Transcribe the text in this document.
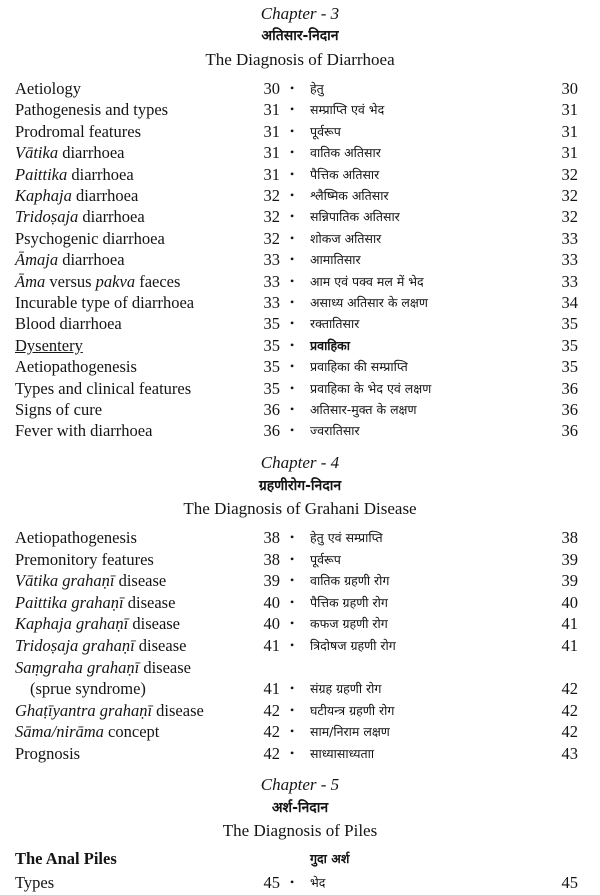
Chapter - 3
अतिसार-निदान
The Diagnosis of Diarrhoea
Aetiology	30 • हेतु	30
Pathogenesis and types	31 • सम्प्राप्ति एवं भेद	31
Prodromal features	31 • पूर्वरूप	31
Vātika diarrhoea	31 • वातिक अतिसार	31
Paittika diarrhoea	31 • पैत्तिक अतिसार	32
Kaphaja diarrhoea	32 • श्लैष्मिक अतिसार	32
Tridoṣaja diarrhoea	32 • सन्निपातिक अतिसार	32
Psychogenic diarrhoea	32 • शोकज अतिसार	33
Āmaja diarrhoea	33 • आमातिसार	33
Āma versus pakva faeces	33 • आम एवं पक्व मल में भेद	33
Incurable type of diarrhoea	33 • असाध्य अतिसार के लक्षण	34
Blood diarrhoea	35 • रक्तातिसार	35
Dysentery	35 • प्रवाहिका	35
Aetiopathogenesis	35 • प्रवाहिका की सम्प्राप्ति	35
Types and clinical features	35 • प्रवाहिका के भेद एवं लक्षण	36
Signs of cure	36 • अतिसार-मुक्त के लक्षण	36
Fever with diarrhoea	36 • ज्वरातिसार	36
Chapter - 4
ग्रहणीरोग-निदान
The Diagnosis of Grahani Disease
Aetiopathogenesis	38 • हेतु एवं सम्प्राप्ति	38
Premonitory features	38 • पूर्वरूप	39
Vātika grahaṇī disease	39 • वातिक ग्रहणी रोग	39
Paittika grahaṇī disease	40 • पैत्तिक ग्रहणी रोग	40
Kaphaja grahaṇī disease	40 • कफज ग्रहणी रोग	41
Tridoṣaja grahaṇī disease	41 • त्रिदोषज ग्रहणी रोग	41
Saṃgraha grahaṇī disease
(sprue syndrome)	41 • संग्रह ग्रहणी रोग	42
Ghaṭīyantra grahaṇī disease	42 • घटीयन्त्र ग्रहणी रोग	42
Sāma/nirāma concept	42 • साम/निराम लक्षण	42
Prognosis	42 • साध्यासाध्यताा	43
Chapter - 5
अर्श-निदान
The Diagnosis of Piles
The Anal Piles	गुदा अर्श
Types	45 • भेद	45
